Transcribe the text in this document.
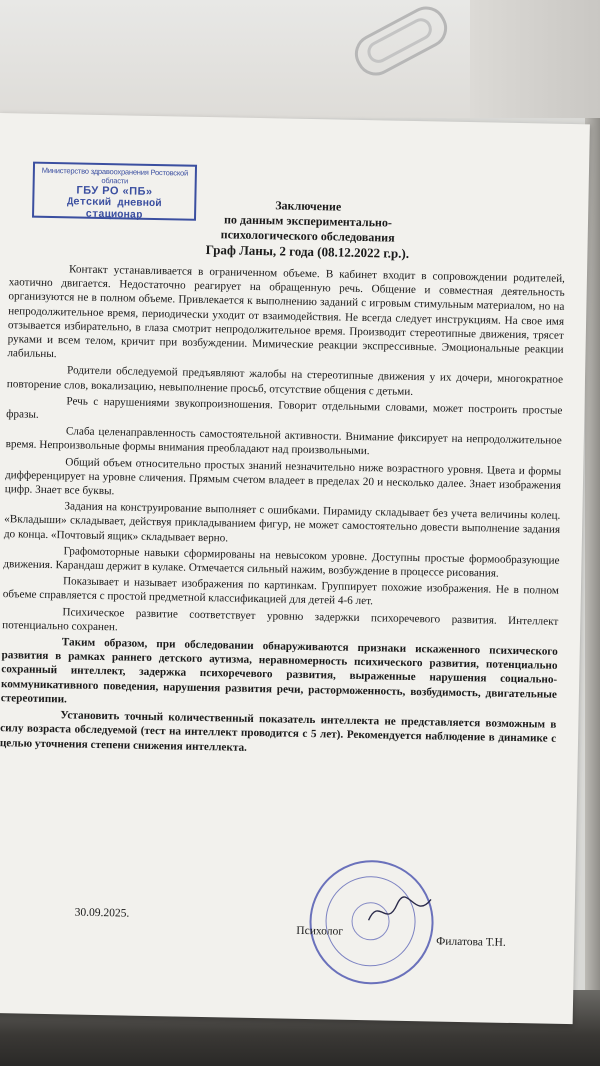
Министерство здравоохранения Ростовской области
ГБУ РО «ПБ»
Детский дневной
стационар
Заключение
по данным экспериментально-
психологического обследования
Граф Ланы, 2 года (08.12.2022 г.р.).

Контакт устанавливается в ограниченном объеме. В кабинет входит в сопровождении родителей, хаотично двигается. Недостаточно реагирует на обращенную речь. Общение и совместная деятельность организуются не в полном объеме. Привлекается к выполнению заданий с игровым стимульным материалом, но на непродолжительное время, периодически уходит от взаимодействия. Не всегда следует инструкциям. На свое имя отзывается избирательно, в глаза смотрит непродолжительное время. Производит стереотипные движения, трясет руками и всем телом, кричит при возбуждении. Мимические реакции экспрессивные. Эмоциональные реакции лабильны.

Родители обследуемой предъявляют жалобы на стереотипные движения у их дочери, многократное повторение слов, вокализацию, невыполнение просьб, отсутствие общения с детьми.

Речь с нарушениями звукопроизношения. Говорит отдельными словами, может построить простые фразы.

Слаба целенаправленность самостоятельной активности. Внимание фиксирует на непродолжительное время. Непроизвольные формы внимания преобладают над произвольными.

Общий объем относительно простых знаний незначительно ниже возрастного уровня. Цвета и формы дифференцирует на уровне сличения. Прямым счетом владеет в пределах 20 и несколько далее. Знает изображения цифр. Знает все буквы.

Задания на конструирование выполняет с ошибками. Пирамиду складывает без учета величины колец. «Вкладыши» складывает, действуя прикладыванием фигур, не может самостоятельно довести выполнение задания до конца. «Почтовый ящик» складывает верно.

Графомоторные навыки сформированы на невысоком уровне. Доступны простые формообразующие движения. Карандаш держит в кулаке. Отмечается сильный нажим, возбуждение в процессе рисования.

Показывает и называет изображения по картинкам. Группирует похожие изображения. Не в полном объеме справляется с простой предметной классификацией для детей 4-6 лет.

Психическое развитие соответствует уровню задержки психоречевого развития. Интеллект потенциально сохранен.

Таким образом, при обследовании обнаруживаются признаки искаженного психического развития в рамках раннего детского аутизма, неравномерность психического развития, потенциально сохранный интеллект, задержка психоречевого развития, выраженные нарушения социально-коммуникативного поведения, нарушения развития речи, расторможенность, возбудимость, двигательные стереотипии.

Установить точный количественный показатель интеллекта не представляется возможным в силу возраста обследуемой (тест на интеллект проводится с 5 лет). Рекомендуется наблюдение в динамике с целью уточнения степени снижения интеллекта.

30.09.2025.
Психолог
Филатова Т.Н.
